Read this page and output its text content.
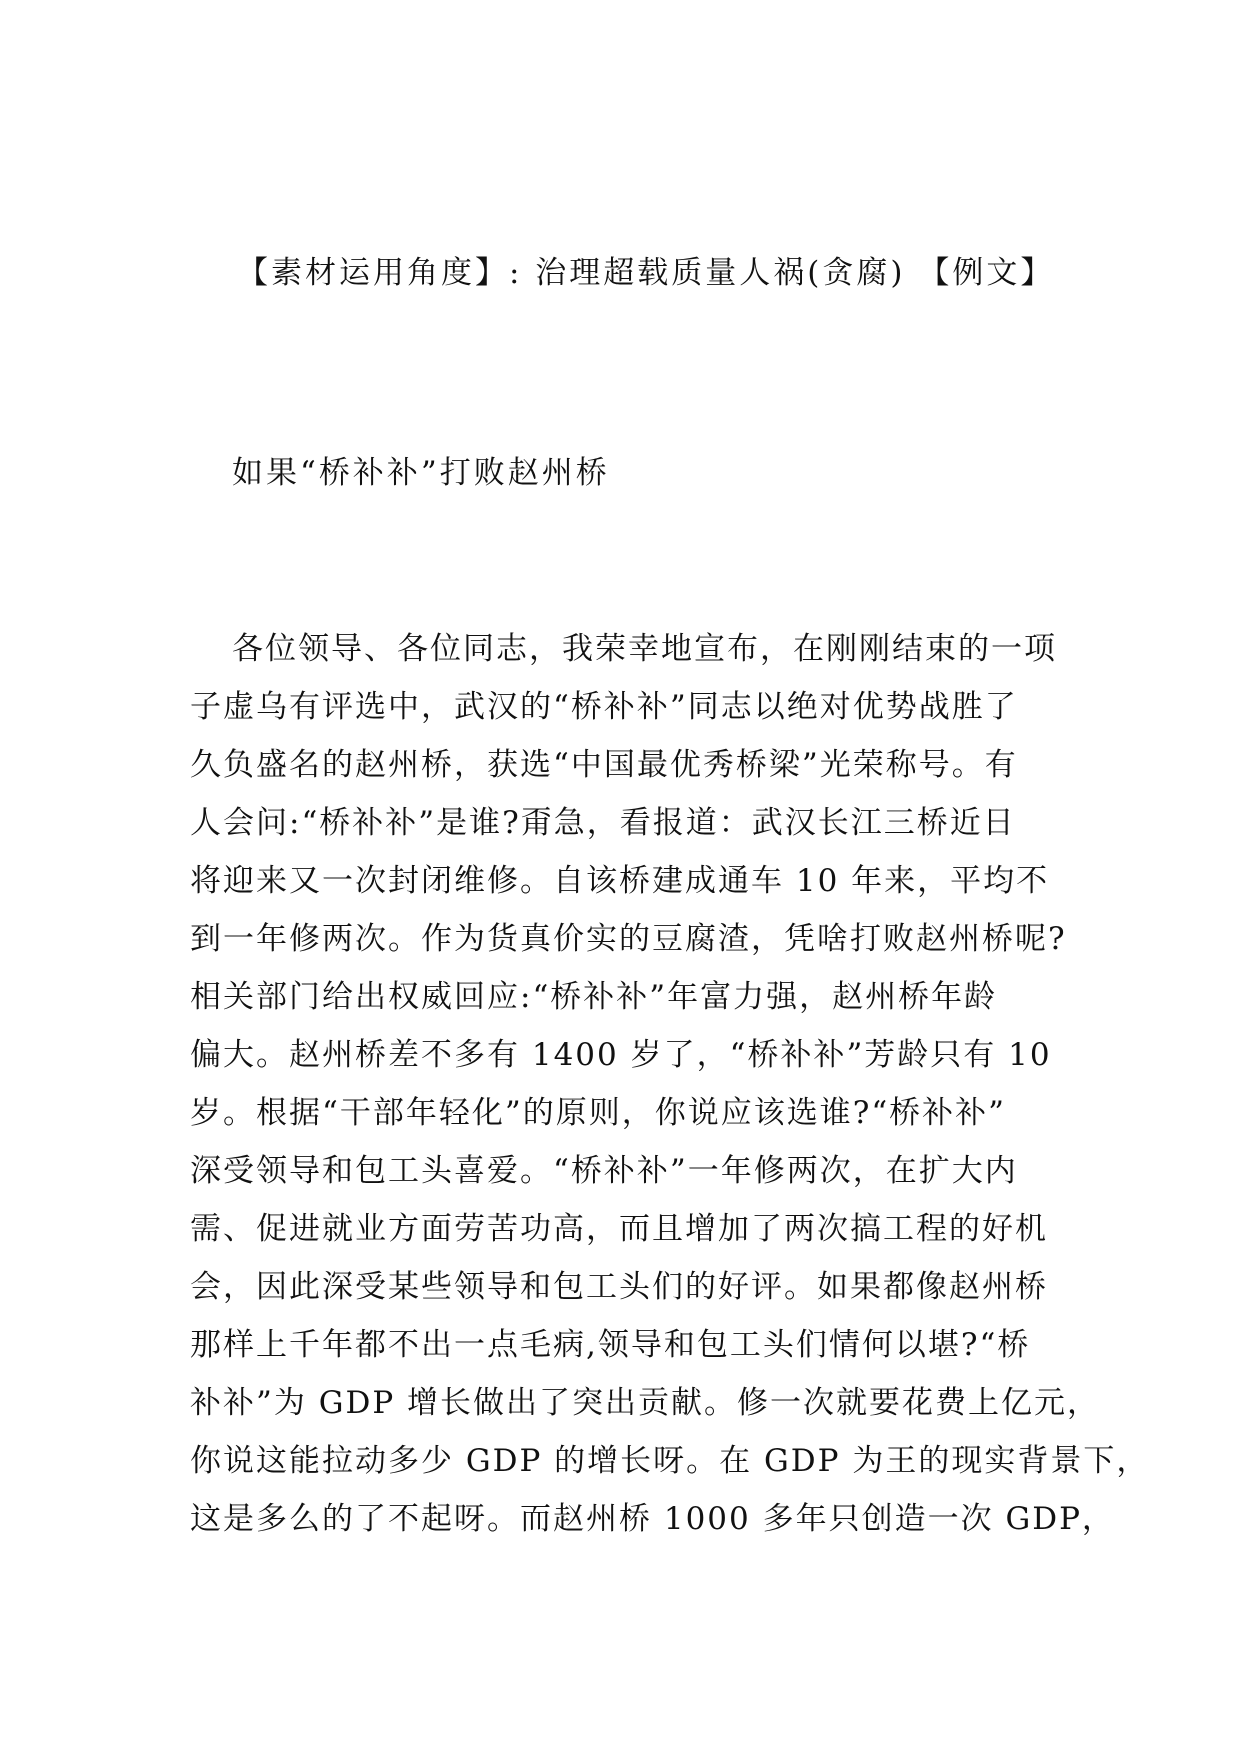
【素材运用角度】: 治理超载质量人祸(贪腐) 【例文】
如果“桥补补”打败赵州桥
各位领导、各位同志，我荣幸地宣布，在刚刚结束的一项
子虚乌有评选中，武汉的“桥补补”同志以绝对优势战胜了
久负盛名的赵州桥，获选“中国最优秀桥梁”光荣称号。有
人会问:“桥补补”是谁?甭急，看报道：武汉长江三桥近日
将迎来又一次封闭维修。自该桥建成通车 10 年来，平均不
到一年修两次。作为货真价实的豆腐渣，凭啥打败赵州桥呢?
相关部门给出权威回应:“桥补补”年富力强，赵州桥年龄
偏大。赵州桥差不多有 1400 岁了，“桥补补”芳龄只有 10
岁。根据“干部年轻化”的原则，你说应该选谁?“桥补补”
深受领导和包工头喜爱。“桥补补”一年修两次，在扩大内
需、促进就业方面劳苦功高，而且增加了两次搞工程的好机
会，因此深受某些领导和包工头们的好评。如果都像赵州桥
那样上千年都不出一点毛病,领导和包工头们情何以堪?“桥
补补”为 GDP 增长做出了突出贡献。修一次就要花费上亿元，
你说这能拉动多少 GDP 的增长呀。在 GDP 为王的现实背景下，
这是多么的了不起呀。而赵州桥 1000 多年只创造一次 GDP，
